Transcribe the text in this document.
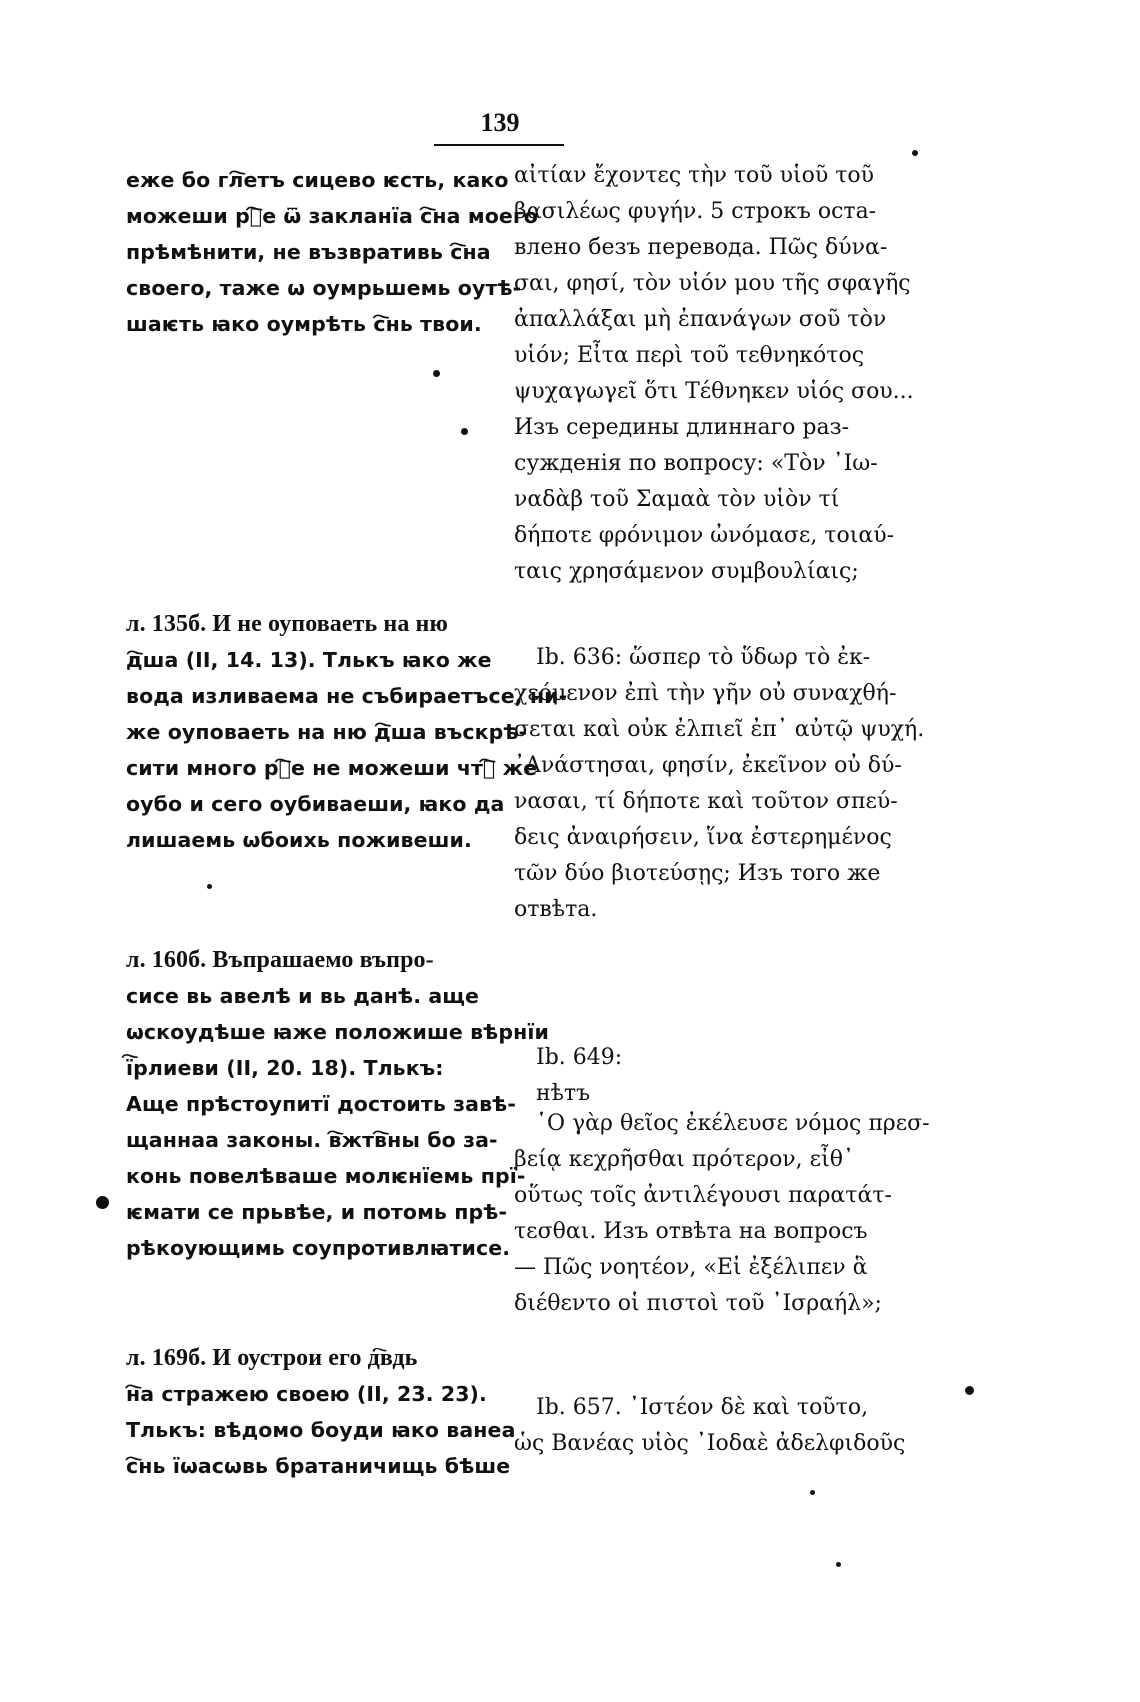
139
еже бо гл҇етъ сицево ѥсть, како
можеши рⷷ҇е ѿ закланїа с҇на моего
прѣмѣнити, не възвративь с҇на
своего, таже ѡ оумрьшемь оутѣ-
шаѥть ꙗко оумрѣть с҇нь твои.
л. 135б. И не оуповаеть на ню
д҇ша (II, 14. 13). Тлькъ ꙗко же
вода изливаема не събираетъсе, ни-
же оуповаеть на ню д҇ша въскрѣ-
сити много рⷷ҇е не можеши чтⷪ҇ же
оубо и сего оубиваеши, ꙗко да
лишаемь ѡбоихь поживеши.
л. 160б. Въпрашаемо въпро-
сисе вь авелѣ и вь данѣ. аще
ѡскоудѣше ꙗже положише вѣрнїи
ї҇рлиеви (II, 20. 18). Тлькъ:
Аще прѣстоупитї достоить завѣ-
щаннаа законы. в҇жтв҇ны бо за-
конь повелѣваше молѥнїемь прї-
ѥмати се прьвѣе, и потомь прѣ-
рѣкоующимь соупротивлꙗтисе.
л. 169б. И оустрои его д҇вдь
н҇а стражею своею (II, 23. 23).
Тлькъ: вѣдомо боуди ꙗко ванеа
с҇нь їѡасѡвь братаничищь бѣше
αἰτίαν ἔχοντες τὴν τοῦ υἱοῦ τοῦ
βασιλέως φυγήν. 5 строкъ оста-
влено безъ перевода. Πῶς δύνα-
σαι, φησί, τὸν υἱόν μου τῆς σφαγῆς
ἀπαλλάξαι μὴ ἐπανάγων σοῦ τὸν
υἱόν; Εἶτα περὶ τοῦ τεθνηκότος
ψυχαγωγεῖ ὅτι Τέθνηκεν υἱός σου...
Изъ середины длиннаго раз-
сужденія по вопросу: «Τὸν ᾿Ιω-
ναδὰβ τοῦ Σαμαὰ τὸν υἱὸν τί
δήποτε φρόνιμον ὠνόμασε, τοιαύ-
ταις χρησάμενον συμβουλίαις;
Ib. 636: ὥσπερ τὸ ὕδωρ τὸ ἐκ-
χεόμενον ἐπὶ τὴν γῆν οὐ συναχθή-
σεται καὶ οὐκ ἐλπιεῖ ἐπ᾿ αὐτῷ ψυχή.
᾿Ανάστησαι, φησίν, ἐκεῖνον οὐ δύ-
νασαι, τί δήποτε καὶ τοῦτον σπεύ-
δεις ἀναιρήσειν, ἵνα ἐστερημένος
τῶν δύο βιοτεύσῃς; Изъ того же
отвѣта.
Ib. 649:
нѣтъ
῾Ο γὰρ θεῖος ἐκέλευσε νόμος πρεσ-
βείᾳ κεχρῆσθαι πρότερον, εἶθ᾿
οὕτως τοῖς ἀντιλέγουσι παρατάτ-
τεσθαι. Изъ отвѣта на вопросъ
— Πῶς νοητέον, «Εἰ ἐξέλιπεν ἃ
διέθεντο οἱ πιστοὶ τοῦ ᾿Ισραήλ»;
Ib. 657. ᾿Ιστέον δὲ καὶ τοῦτο,
ὡς Βανέας υἱὸς ᾿Ιοδαὲ ἀδελφιδοῦς
